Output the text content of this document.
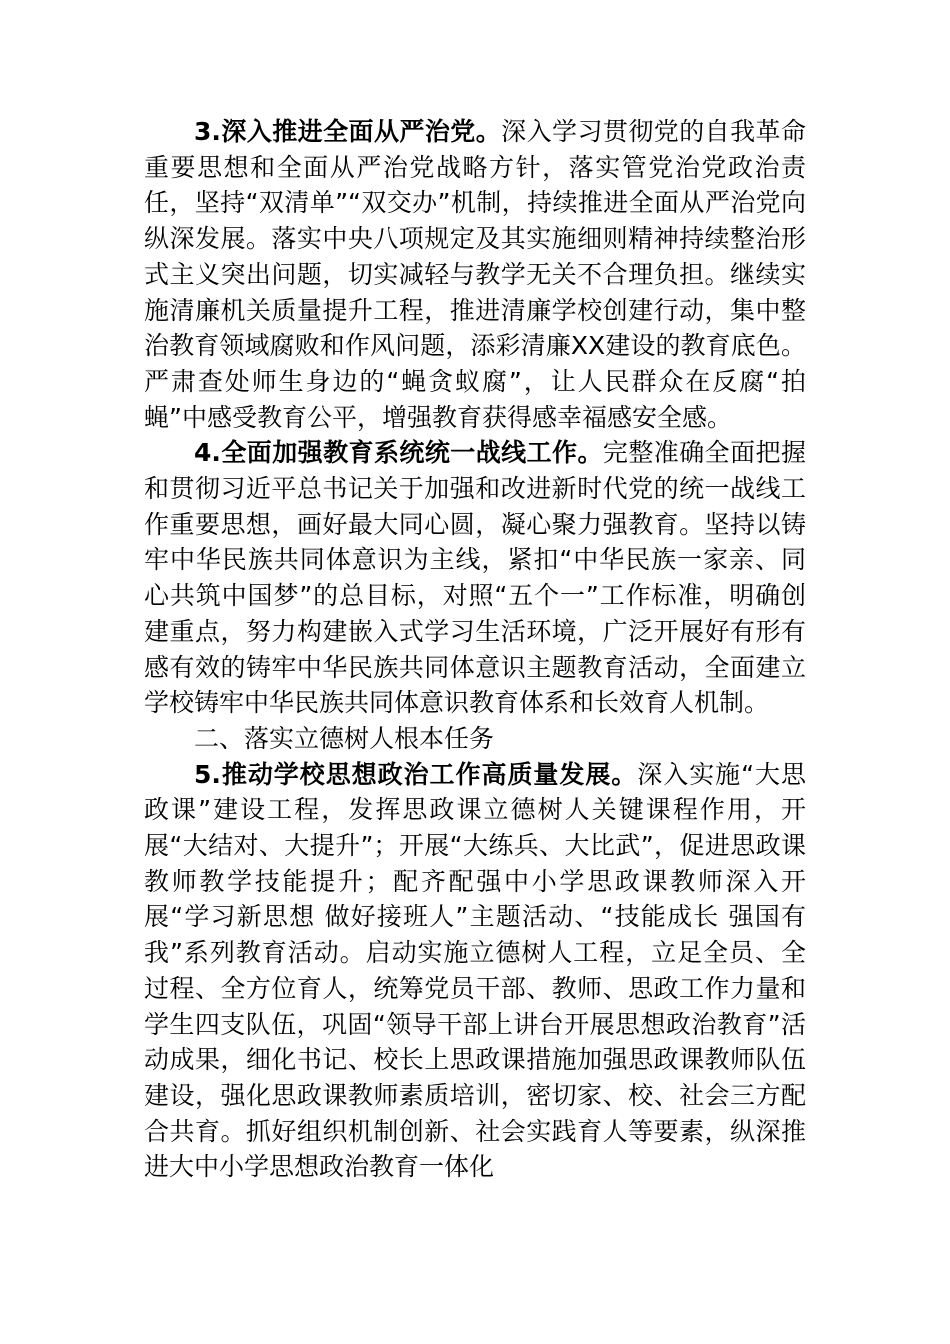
3.深入推进全面从严治党。深入学习贯彻党的自我革命重要思想和全面从严治党战略方针，落实管党治党政治责任，坚持“双清单”“双交办”机制，持续推进全面从严治党向纵深发展。落实中央八项规定及其实施细则精神持续整治形式主义突出问题，切实减轻与教学无关不合理负担。继续实施清廉机关质量提升工程，推进清廉学校创建行动，集中整治教育领域腐败和作风问题，添彩清廉XX建设的教育底色。严肃查处师生身边的“蝇贪蚁腐”，让人民群众在反腐“拍蝇”中感受教育公平，增强教育获得感幸福感安全感。

4.全面加强教育系统统一战线工作。完整准确全面把握和贯彻习近平总书记关于加强和改进新时代党的统一战线工作重要思想，画好最大同心圆，凝心聚力强教育。坚持以铸牢中华民族共同体意识为主线，紧扣“中华民族一家亲、同心共筑中国梦”的总目标，对照“五个一”工作标准，明确创建重点，努力构建嵌入式学习生活环境，广泛开展好有形有感有效的铸牢中华民族共同体意识主题教育活动，全面建立学校铸牢中华民族共同体意识教育体系和长效育人机制。

二、落实立德树人根本任务

5.推动学校思想政治工作高质量发展。深入实施“大思政课”建设工程，发挥思政课立德树人关键课程作用，开展“大结对、大提升”；开展“大练兵、大比武”，促进思政课教师教学技能提升；配齐配强中小学思政课教师深入开展“学习新思想 做好接班人”主题活动、“技能成长 强国有我”系列教育活动。启动实施立德树人工程，立足全员、全过程、全方位育人，统筹党员干部、教师、思政工作力量和学生四支队伍，巩固“领导干部上讲台开展思想政治教育”活动成果，细化书记、校长上思政课措施加强思政课教师队伍建设，强化思政课教师素质培训，密切家、校、社会三方配合共育。抓好组织机制创新、社会实践育人等要素，纵深推进大中小学思想政治教育一体化
